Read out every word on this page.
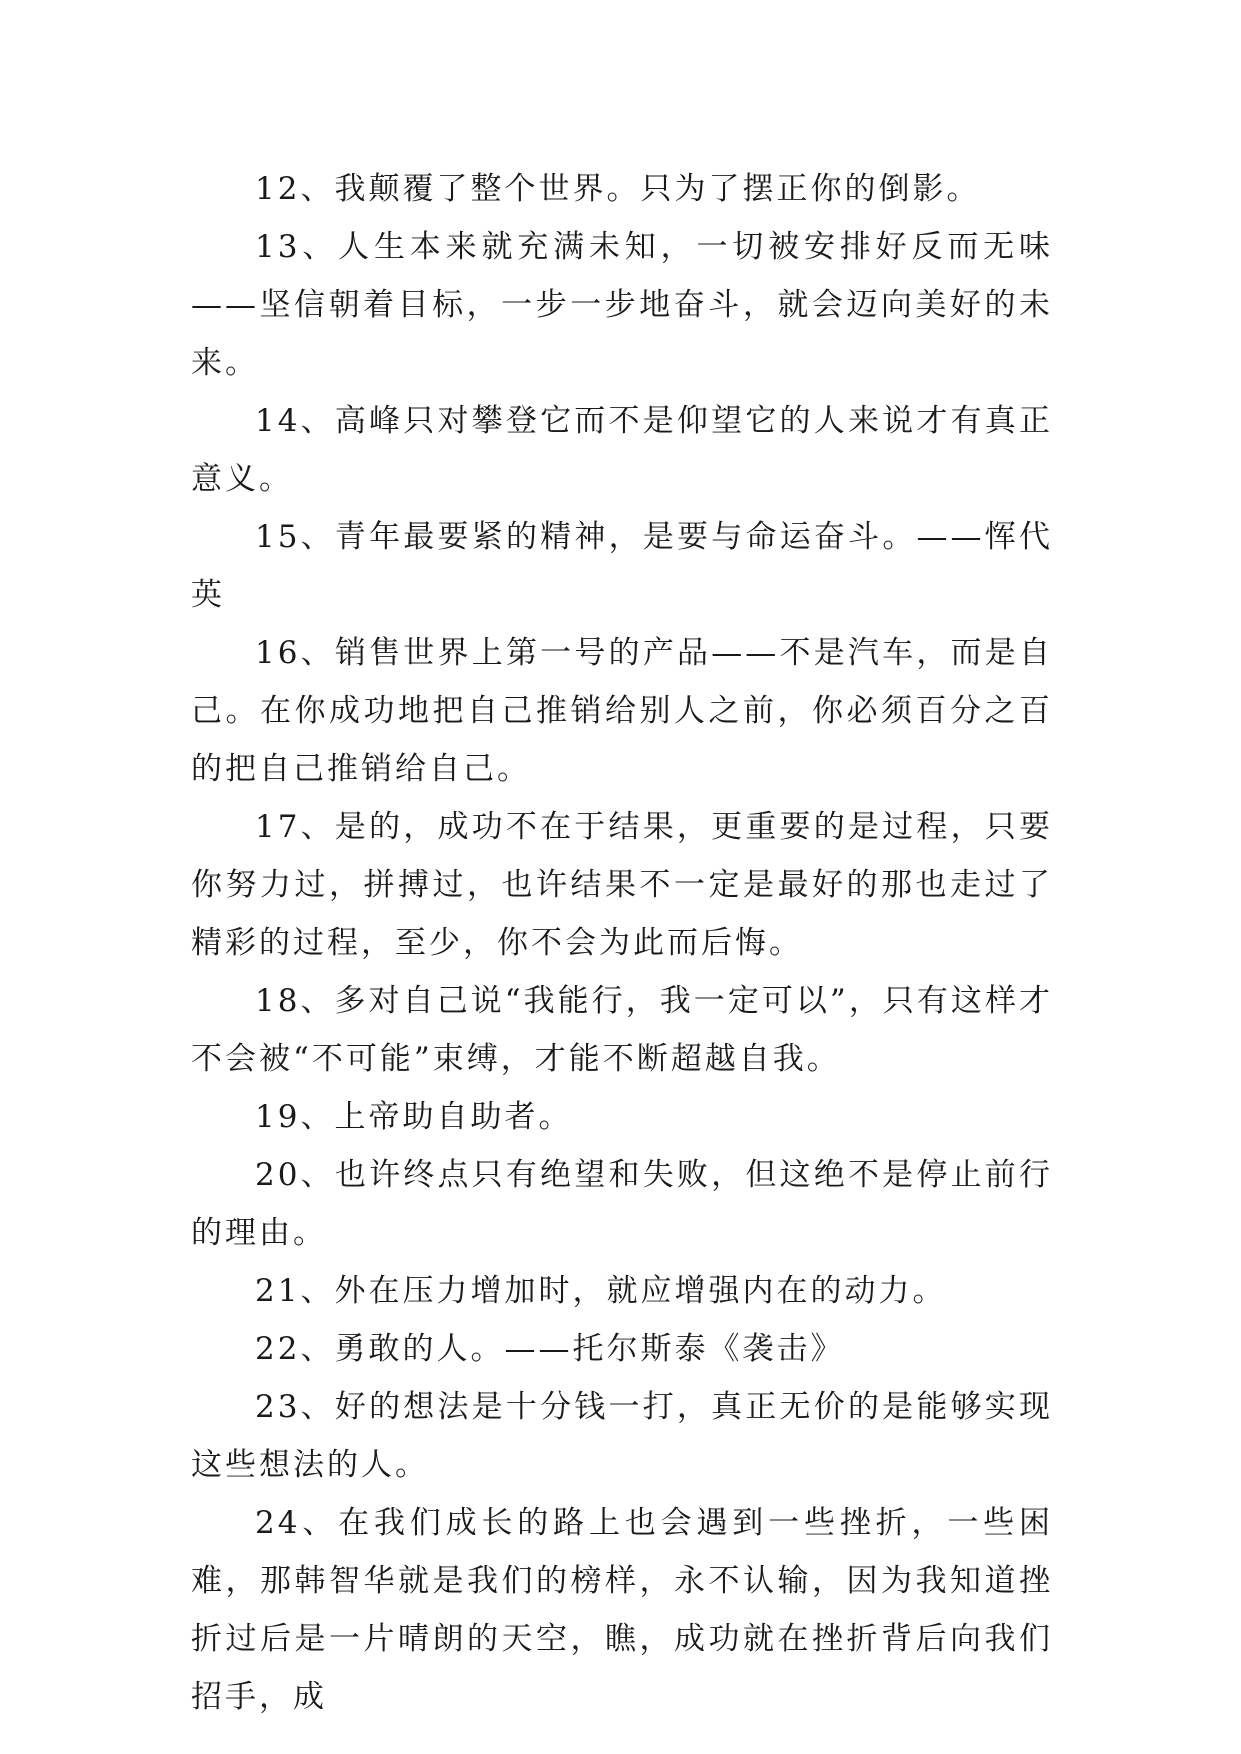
12、我颠覆了整个世界。只为了摆正你的倒影。

13、人生本来就充满未知，一切被安排好反而无味——坚信朝着目标，一步一步地奋斗，就会迈向美好的未来。

14、高峰只对攀登它而不是仰望它的人来说才有真正意义。

15、青年最要紧的精神，是要与命运奋斗。——恽代英

16、销售世界上第一号的产品——不是汽车，而是自己。在你成功地把自己推销给别人之前，你必须百分之百的把自己推销给自己。

17、是的，成功不在于结果，更重要的是过程，只要你努力过，拼搏过，也许结果不一定是最好的那也走过了精彩的过程，至少，你不会为此而后悔。

18、多对自己说“我能行，我一定可以”，只有这样才不会被“不可能”束缚，才能不断超越自我。

19、上帝助自助者。

20、也许终点只有绝望和失败，但这绝不是停止前行的理由。

21、外在压力增加时，就应增强内在的动力。

22、勇敢的人。——托尔斯泰《袭击》

23、好的想法是十分钱一打，真正无价的是能够实现这些想法的人。

24、在我们成长的路上也会遇到一些挫折，一些困难，那韩智华就是我们的榜样，永不认输，因为我知道挫折过后是一片晴朗的天空，瞧，成功就在挫折背后向我们招手，成
